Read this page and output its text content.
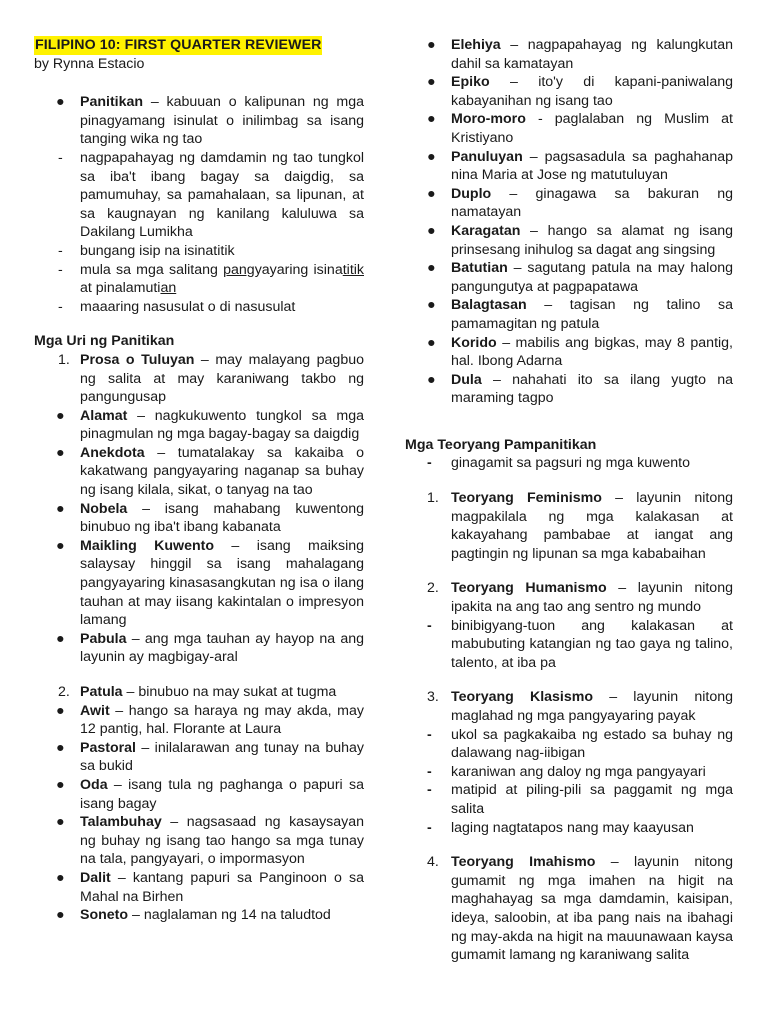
FILIPINO 10: FIRST QUARTER REVIEWER
by Rynna Estacio
● Panitikan – kabuuan o kalipunan ng mga pinagyamang isinulat o inilimbag sa isang tanging wika ng tao
- nagpapahayag ng damdamin ng tao tungkol sa iba't ibang bagay sa daigdig, sa pamumuhay, sa pamahalaan, sa lipunan, at sa kaugnayan ng kanilang kaluluwa sa Dakilang Lumikha
- bungang isip na isinatitik
- mula sa mga salitang pangyayaring isinatitik at pinalamutian
- maaaring nasusulat o di nasusulat
Mga Uri ng Panitikan
1. Prosa o Tuluyan – may malayang pagbuo ng salita at may karaniwang takbo ng pangungusap
● Alamat – nagkukuwento tungkol sa mga pinagmulan ng mga bagay-bagay sa daigdig
● Anekdota – tumatalakay sa kakaiba o kakatwang pangyayaring naganap sa buhay ng isang kilala, sikat, o tanyag na tao
● Nobela – isang mahabang kuwentong binubuo ng iba't ibang kabanata
● Maikling Kuwento – isang maiksing salaysay hinggil sa isang mahalagang pangyayaring kinasasangkutan ng isa o ilang tauhan at may iisang kakintalan o impresyon lamang
● Pabula – ang mga tauhan ay hayop na ang layunin ay magbigay-aral
2. Patula – binubuo na may sukat at tugma
● Awit – hango sa haraya ng may akda, may 12 pantig, hal. Florante at Laura
● Pastoral – inilalarawan ang tunay na buhay sa bukid
● Oda – isang tula ng paghanga o papuri sa isang bagay
● Talambuhay – nagsasaad ng kasaysayan ng buhay ng isang tao hango sa mga tunay na tala, pangyayari, o impormasyon
● Dalit – kantang papuri sa Panginoon o sa Mahal na Birhen
● Soneto – naglalaman ng 14 na taludtod
● Elehiya – nagpapahayag ng kalungkutan dahil sa kamatayan
● Epiko – ito'y di kapani-paniwalang kabayanihan ng isang tao
● Moro-moro - paglalaban ng Muslim at Kristiyano
● Panuluyan – pagsasadula sa paghahanap nina Maria at Jose ng matutuluyan
● Duplo – ginagawa sa bakuran ng namatayan
● Karagatan – hango sa alamat ng isang prinsesang inihulog sa dagat ang singsing
● Batutian – sagutang patula na may halong pangungutya at pagpapatawa
● Balagtasan – tagisan ng talino sa pamamagitan ng patula
● Korido – mabilis ang bigkas, may 8 pantig, hal. Ibong Adarna
● Dula – nahahati ito sa ilang yugto na maraming tagpo
Mga Teoryang Pampanitikan
- ginagamit sa pagsuri ng mga kuwento
1. Teoryang Feminismo – layunin nitong magpakilala ng mga kalakasan at kakayahang pambabae at iangat ang pagtingin ng lipunan sa mga kababaihan
2. Teoryang Humanismo – layunin nitong ipakita na ang tao ang sentro ng mundo
- binibigyang-tuon ang kalakasan at mabubuting katangian ng tao gaya ng talino, talento, at iba pa
3. Teoryang Klasismo – layunin nitong maglahad ng mga pangyayaring payak
- ukol sa pagkakaiba ng estado sa buhay ng dalawang nag-iibigan
- karaniwan ang daloy ng mga pangyayari
- matipid at piling-pili sa paggamit ng mga salita
- laging nagtatapos nang may kaayusan
4. Teoryang Imahismo – layunin nitong gumamit ng mga imahen na higit na maghahayag sa mga damdamin, kaisipan, ideya, saloobin, at iba pang nais na ibahagi ng may-akda na higit na mauunawaan kaysa gumamit lamang ng karaniwang salita
